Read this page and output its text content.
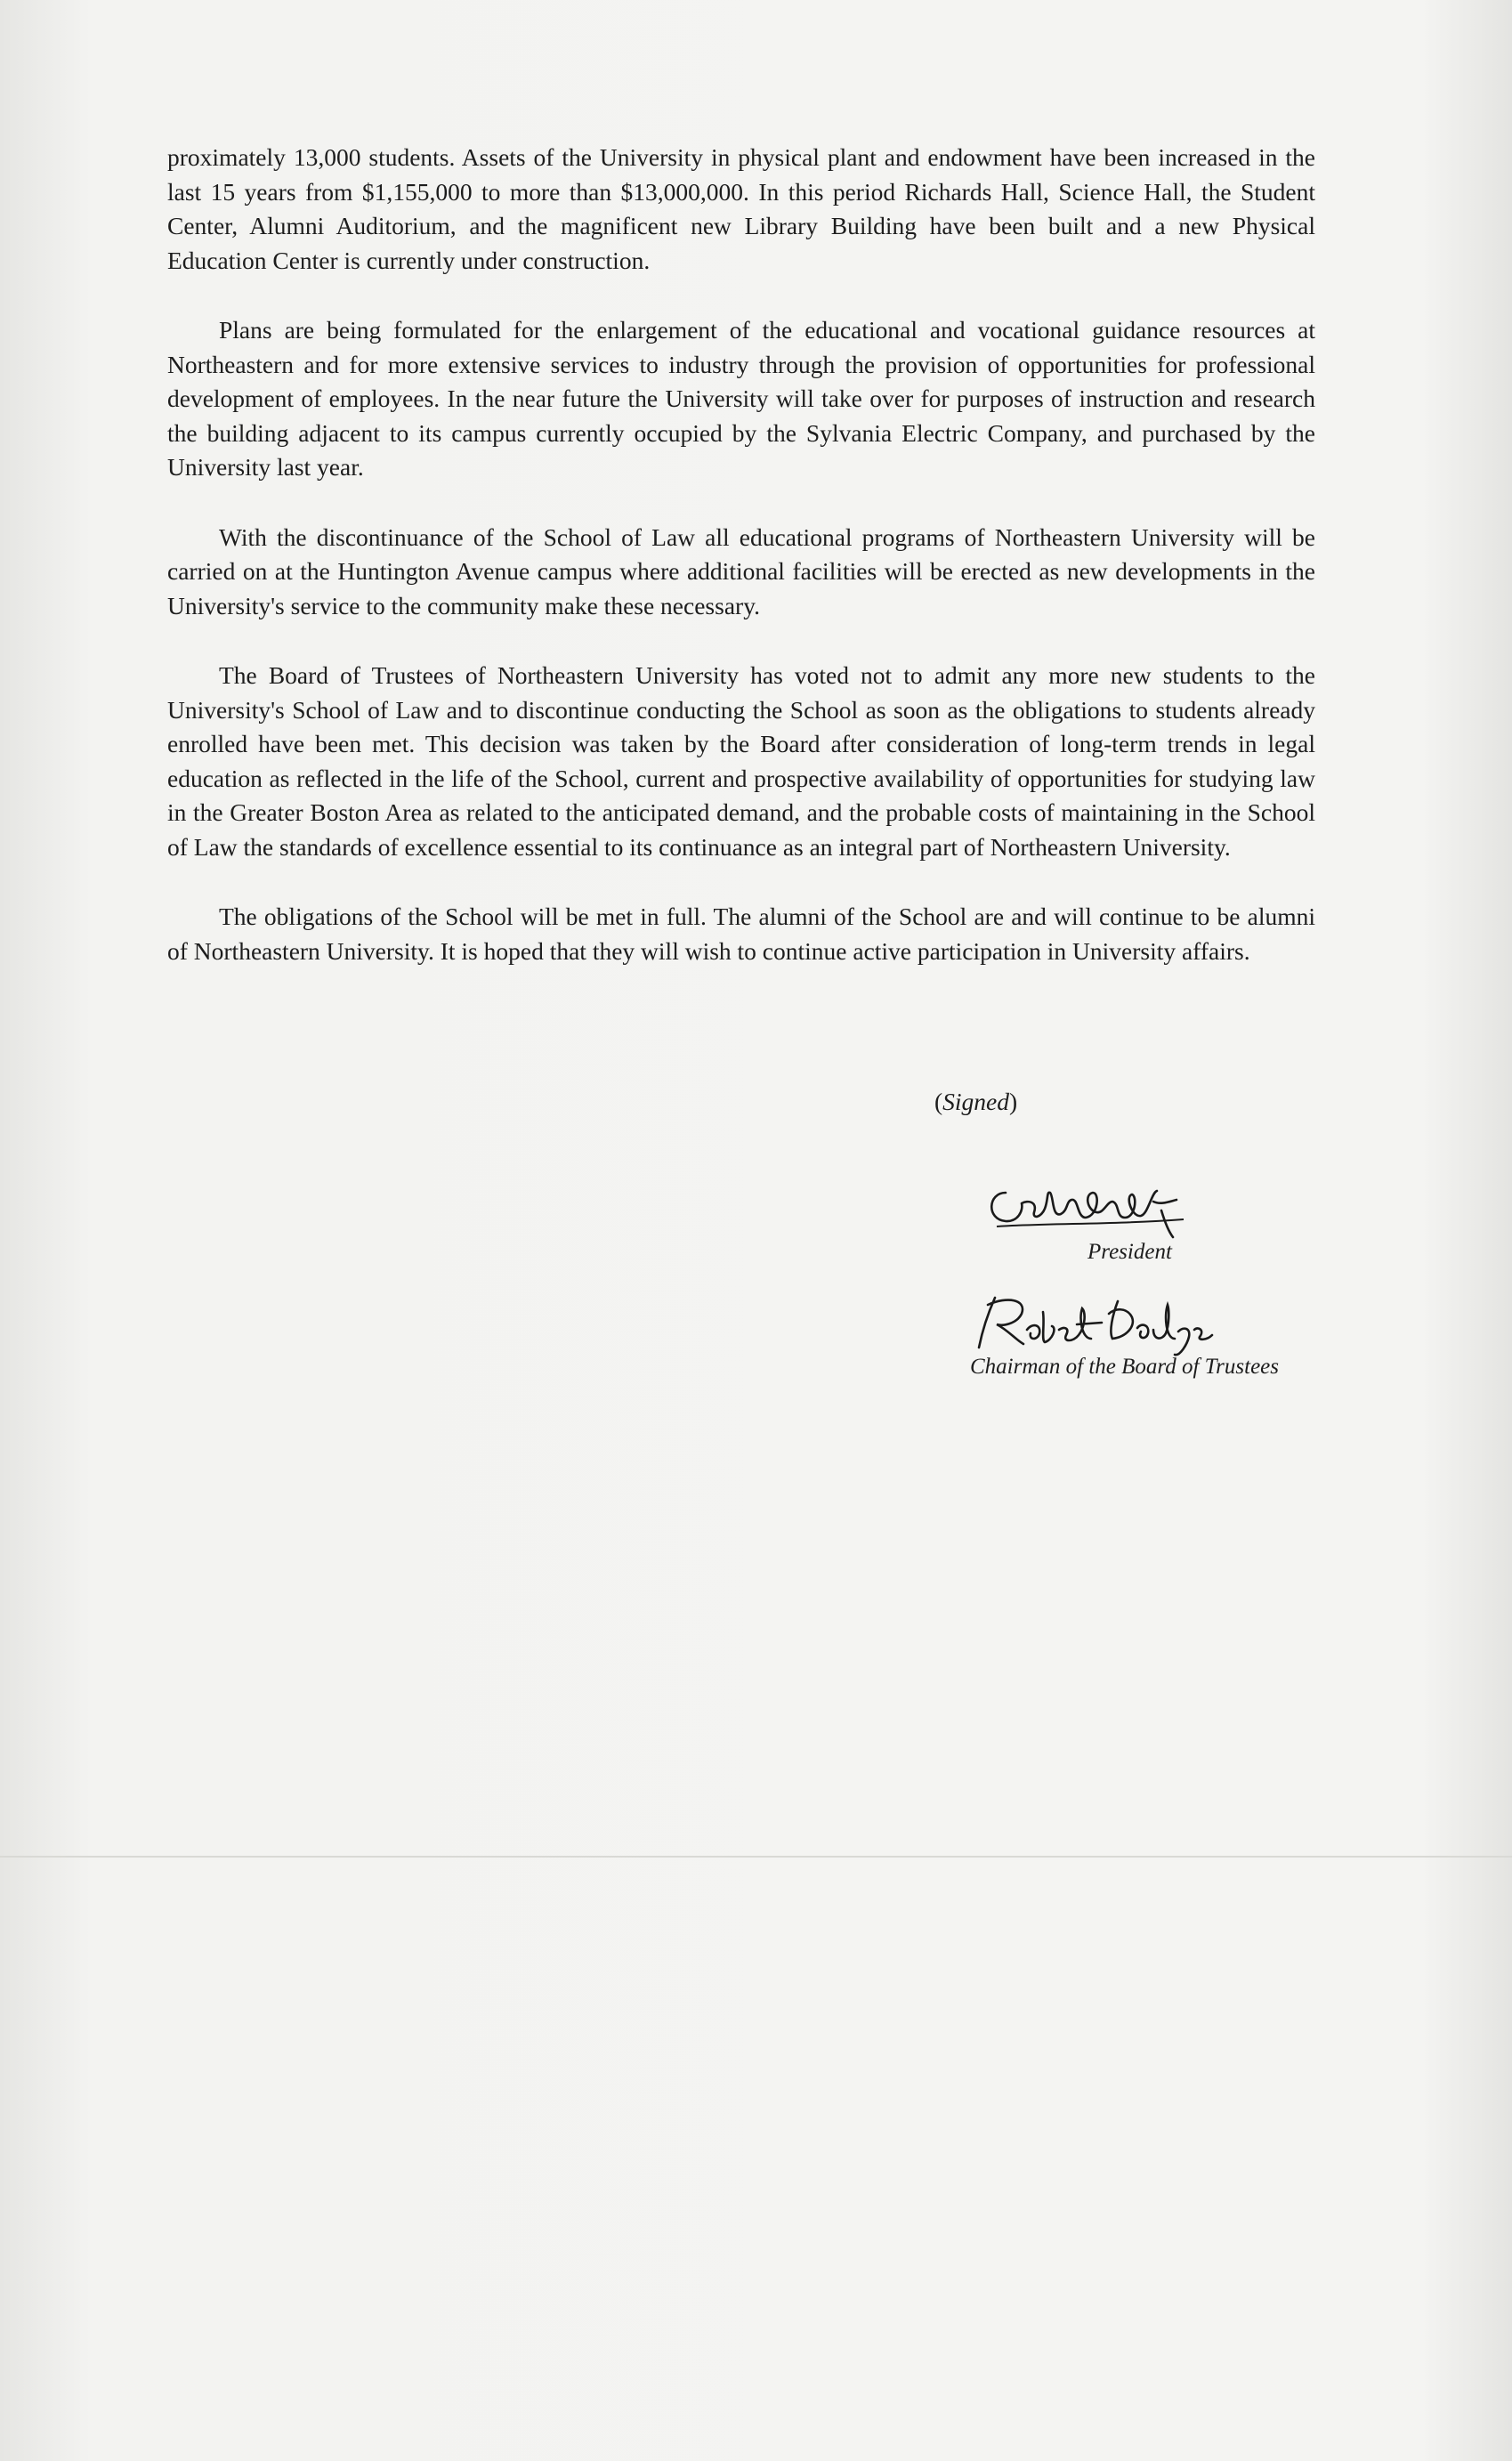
proximately 13,000 students. Assets of the University in physical plant and endowment have been increased in the last 15 years from $1,155,000 to more than $13,000,000. In this period Richards Hall, Science Hall, the Student Center, Alumni Auditorium, and the magnificent new Library Building have been built and a new Physical Education Center is currently under construction.

Plans are being formulated for the enlargement of the educational and vocational guidance resources at Northeastern and for more extensive services to industry through the provision of opportunities for professional development of employees. In the near future the University will take over for purposes of instruction and research the building adjacent to its campus currently occupied by the Sylvania Electric Company, and purchased by the University last year.

With the discontinuance of the School of Law all educational programs of Northeastern University will be carried on at the Huntington Avenue campus where additional facilities will be erected as new developments in the University's service to the community make these necessary.

The Board of Trustees of Northeastern University has voted not to admit any more new students to the University's School of Law and to discontinue conducting the School as soon as the obligations to students already enrolled have been met. This decision was taken by the Board after consideration of long-term trends in legal education as reflected in the life of the School, current and prospective availability of opportunities for studying law in the Greater Boston Area as related to the anticipated demand, and the probable costs of maintaining in the School of Law the standards of excellence essential to its continuance as an integral part of Northeastern University.

The obligations of the School will be met in full. The alumni of the School are and will continue to be alumni of Northeastern University. It is hoped that they will wish to continue active participation in University affairs.

(Signed)
President
Chairman of the Board of Trustees
